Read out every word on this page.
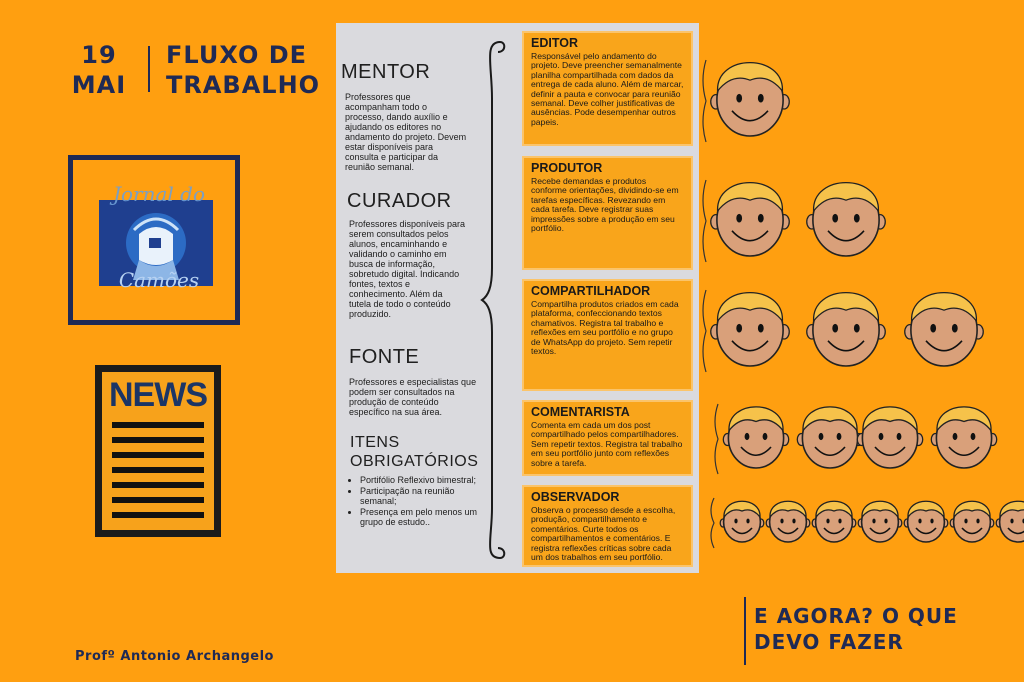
19
MAI
FLUXO DE
TRABALHO
Jornal do
Camões
NEWS
Profº Antonio Archangelo
MENTOR
Professores que acompanham todo o processo, dando auxílio e ajudando os editores no andamento do projeto. Devem estar disponíveis para consulta e participar da reunião semanal.
CURADOR
Professores disponíveis para serem consultados pelos alunos, encaminhando e validando o caminho em busca de informação, sobretudo digital. Indicando fontes, textos e conhecimento. Além da tutela de todo o conteúdo produzido.
FONTE
Professores e especialistas que podem ser consultados na produção de conteúdo específico na sua área.
ITENS
OBRIGATÓRIOS
• Portifólio Reflexivo bimestral;
• Participação na reunião semanal;
• Presença em pelo menos um grupo de estudo..
EDITOR
Responsável pelo andamento do projeto. Deve preencher semanalmente planilha compartilhada com dados da entrega de cada aluno. Além de marcar, definir a pauta e convocar para reunião semanal. Deve colher justificativas de ausências. Pode desempenhar outros papeis.
PRODUTOR
Recebe demandas e produtos conforme orientações, dividindo-se em tarefas específicas. Revezando em cada tarefa. Deve registrar suas impressões sobre a produção em seu portfólio.
COMPARTILHADOR
Compartilha produtos criados em cada plataforma, confeccionando textos chamativos. Registra tal trabalho e reflexões em seu portfólio e no grupo de WhatsApp do projeto. Sem repetir textos.
COMENTARISTA
Comenta em cada um dos post compartilhado pelos compartilhadores. Sem repetir textos. Registra tal trabalho em seu portfólio junto com reflexões sobre a tarefa.
OBSERVADOR
Observa o processo desde a escolha, produção, compartilhamento e comentários. Curte todos os compartilhamentos e comentários. E registra reflexões críticas sobre cada um dos trabalhos em seu portfólio.
E AGORA? O QUE
DEVO FAZER
